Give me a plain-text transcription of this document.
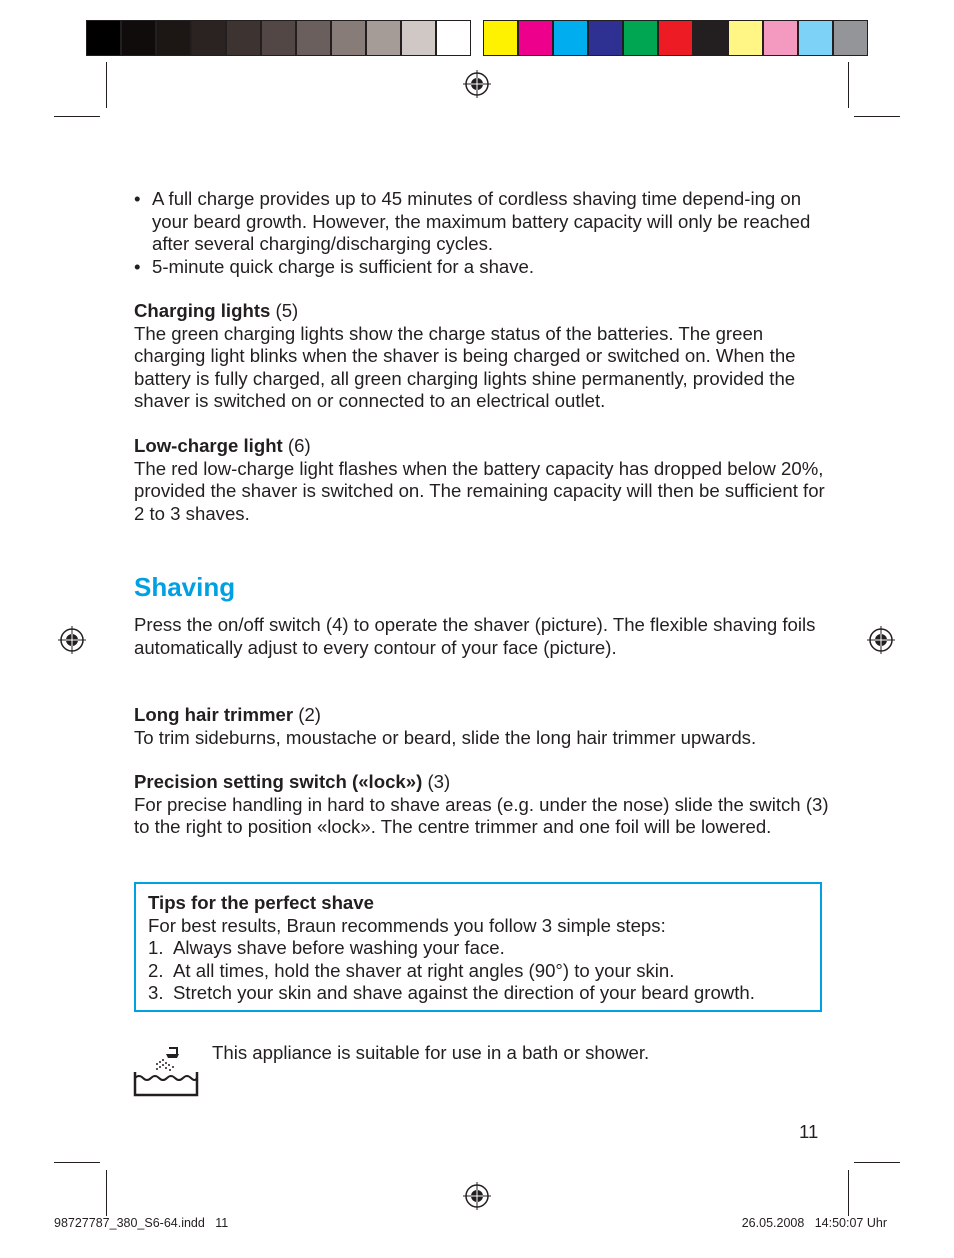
• A full charge provides up to 45 minutes of cordless shaving time depend-ing on your beard growth. However, the maximum battery capacity will only be reached after several charging/discharging cycles.
• 5-minute quick charge is sufficient for a shave.
Charging lights (5)
The green charging lights show the charge status of the batteries. The green charging light blinks when the shaver is being charged or switched on. When the battery is fully charged, all green charging lights shine permanently, provided the shaver is switched on or connected to an electrical outlet.
Low-charge light (6)
The red low-charge light flashes when the battery capacity has dropped below 20%, provided the shaver is switched on. The remaining capacity will then be sufficient for 2 to 3 shaves.
Shaving
Press the on/off switch (4) to operate the shaver (picture). The flexible shaving foils automatically adjust to every contour of your face (picture).
Long hair trimmer (2)
To trim sideburns, moustache or beard, slide the long hair trimmer upwards.
Precision setting switch («lock») (3)
For precise handling in hard to shave areas (e.g. under the nose) slide the switch (3) to the right to position «lock». The centre trimmer and one foil will be lowered.
Tips for the perfect shave
For best results, Braun recommends you follow 3 simple steps:
1. Always shave before washing your face.
2. At all times, hold the shaver at right angles (90°) to your skin.
3. Stretch your skin and shave against the direction of your beard growth.
This appliance is suitable for use in a bath or shower.
11
98727787_380_S6-64.indd   11	26.05.2008   14:50:07 Uhr
